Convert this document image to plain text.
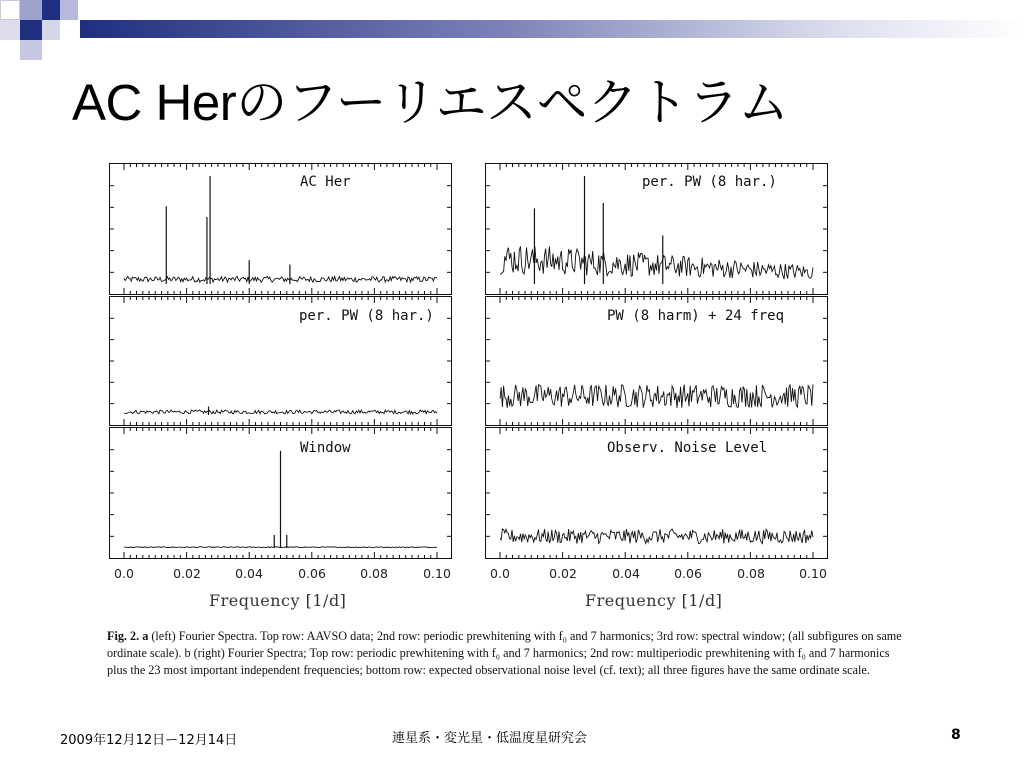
AC Herのフーリエスペクトラム
AC Her
per. PW (8 har.)
Window
per. PW (8 har.)
PW (8 harm) + 24 freq
Observ. Noise Level
0.0	0.02	0.04	0.06	0.08	0.10	0.0	0.02	0.04	0.06	0.08	0.10
Frequency [1/d]	Frequency [1/d]
Fig. 2. a (left) Fourier Spectra. Top row: AAVSO data; 2nd row: periodic prewhitening with f₀ and 7 harmonics; 3rd row: spectral window; (all subfigures on same ordinate scale). b (right) Fourier Spectra; Top row: periodic prewhitening with f₀ and 7 harmonics; 2nd row: multiperiodic prewhitening with f₀ and 7 harmonics plus the 23 most important independent frequencies; bottom row: expected observational noise level (cf. text); all three figures have the same ordinate scale.
2009年12月12日ー12月14日	連星系・変光星・低温度星研究会	8
